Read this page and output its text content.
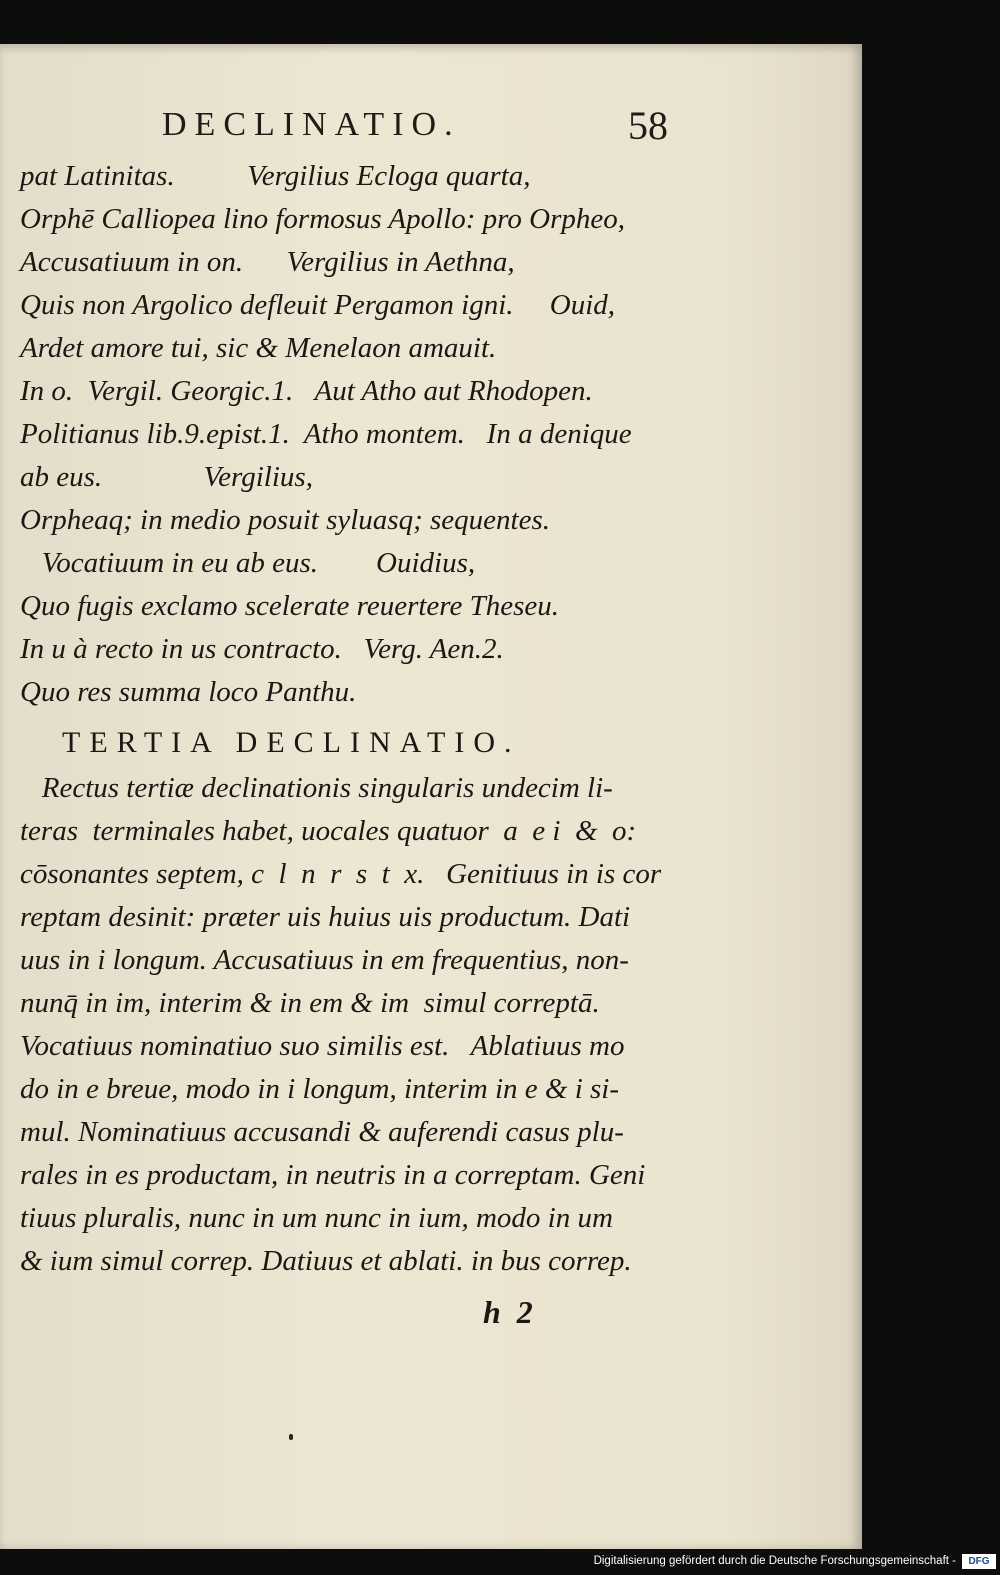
DECLINATIO.	58
pat Latinitas.          Vergilius Ecloga quarta,
Orphē Calliopea lino formosus Apollo: pro Orpheo,
Accusatiuum in on.      Vergilius in Aethna,
Quis non Argolico defleuit Pergamon igni.     Ouid,
Ardet amore tui, sic & Menelaon amauit.
In o.  Vergil. Georgic.1.   Aut Atho aut Rhodopen.
Politianus lib.9.epist.1.  Atho montem.   In a denique
ab eus.              Vergilius,
Orpheaq; in medio posuit syluasq; sequentes.
Vocatiuum in eu ab eus.        Ouidius,
Quo fugis exclamo scelerate reuertere Theseu.
In u à recto in us contracto.   Verg. Aen.2.
Quo res summa loco Panthu.
TERTIA DECLINATIO.
Rectus tertiæ declinationis singularis undecim li-
teras  terminales habet, uocales quatuor  a  e i  &  o:
cōsonantes septem, c  l  n  r  s  t  x.   Genitiuus in is cor
reptam desinit: præter uis huius uis productum. Dati
uus in i longum. Accusatiuus in em frequentius, non-
nunq̄ in im, interim & in em & im  simul correptā.
Vocatiuus nominatiuo suo similis est.   Ablatiuus mo
do in e breue, modo in i longum, interim in e & i si-
mul. Nominatiuus accusandi & auferendi casus plu-
rales in es productam, in neutris in a correptam. Geni
tiuus pluralis, nunc in um nunc in ium, modo in um
& ium simul correp. Datiuus et ablati. in bus correp.
h  2
Digitalisierung gefördert durch die Deutsche Forschungsgemeinschaft -	DFG
